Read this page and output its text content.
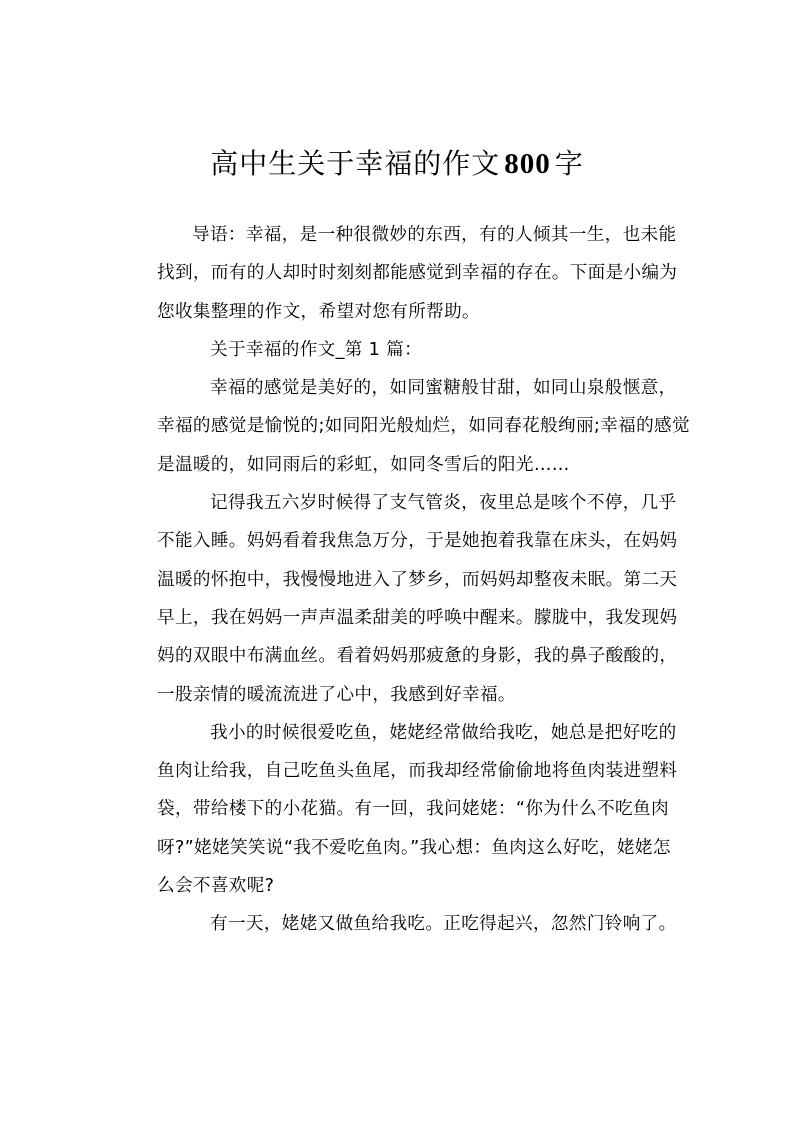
高中生关于幸福的作文 800 字
导语：幸福，是一种很微妙的东西，有的人倾其一生，也未能
找到，而有的人却时时刻刻都能感觉到幸福的存在。下面是小编为
您收集整理的作文，希望对您有所帮助。
关于幸福的作文_第 1 篇：
幸福的感觉是美好的，如同蜜糖般甘甜，如同山泉般惬意，
幸福的感觉是愉悦的;如同阳光般灿烂，如同春花般绚丽;幸福的感觉
是温暖的，如同雨后的彩虹，如同冬雪后的阳光……
记得我五六岁时候得了支气管炎，夜里总是咳个不停，几乎
不能入睡。妈妈看着我焦急万分，于是她抱着我靠在床头，在妈妈
温暖的怀抱中，我慢慢地进入了梦乡，而妈妈却整夜未眠。第二天
早上，我在妈妈一声声温柔甜美的呼唤中醒来。朦胧中，我发现妈
妈的双眼中布满血丝。看着妈妈那疲惫的身影，我的鼻子酸酸的，
一股亲情的暖流流进了心中，我感到好幸福。
我小的时候很爱吃鱼，姥姥经常做给我吃，她总是把好吃的
鱼肉让给我，自己吃鱼头鱼尾，而我却经常偷偷地将鱼肉装进塑料
袋，带给楼下的小花猫。有一回，我问姥姥：“你为什么不吃鱼肉
呀?”姥姥笑笑说“我不爱吃鱼肉。”我心想：鱼肉这么好吃，姥姥怎
么会不喜欢呢?
有一天，姥姥又做鱼给我吃。正吃得起兴，忽然门铃响了。
